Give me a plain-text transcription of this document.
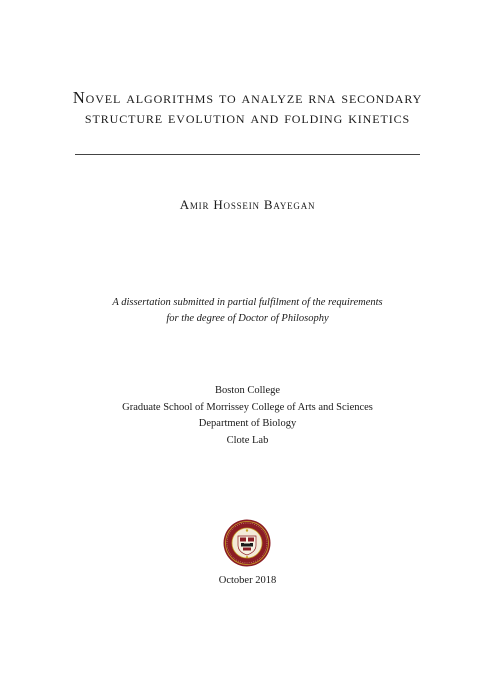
Novel algorithms to analyze rna secondary
structure evolution and folding kinetics
Amir Hossein Bayegan
A dissertation submitted in partial fulfilment of the requirements
for the degree of Doctor of Philosophy
Boston College
Graduate School of Morrissey College of Arts and Sciences
Department of Biology
Clote Lab
October 2018
